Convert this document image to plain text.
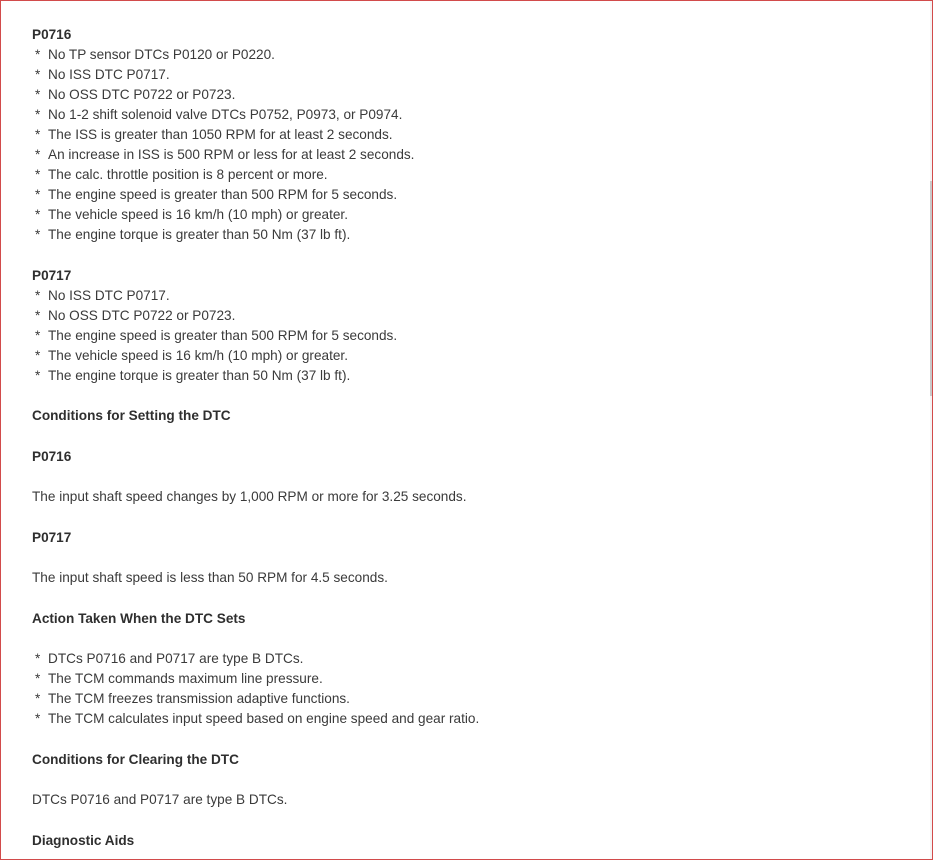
P0716
* No TP sensor DTCs P0120 or P0220.
* No ISS DTC P0717.
* No OSS DTC P0722 or P0723.
* No 1-2 shift solenoid valve DTCs P0752, P0973, or P0974.
* The ISS is greater than 1050 RPM for at least 2 seconds.
* An increase in ISS is 500 RPM or less for at least 2 seconds.
* The calc. throttle position is 8 percent or more.
* The engine speed is greater than 500 RPM for 5 seconds.
* The vehicle speed is 16 km/h (10 mph) or greater.
* The engine torque is greater than 50 Nm (37 lb ft).
P0717
* No ISS DTC P0717.
* No OSS DTC P0722 or P0723.
* The engine speed is greater than 500 RPM for 5 seconds.
* The vehicle speed is 16 km/h (10 mph) or greater.
* The engine torque is greater than 50 Nm (37 lb ft).
Conditions for Setting the DTC
P0716

The input shaft speed changes by 1,000 RPM or more for 3.25 seconds.

P0717

The input shaft speed is less than 50 RPM for 4.5 seconds.

Action Taken When the DTC Sets
* DTCs P0716 and P0717 are type B DTCs.
* The TCM commands maximum line pressure.
* The TCM freezes transmission adaptive functions.
* The TCM calculates input speed based on engine speed and gear ratio.
Conditions for Clearing the DTC

DTCs P0716 and P0717 are type B DTCs.

Diagnostic Aids
